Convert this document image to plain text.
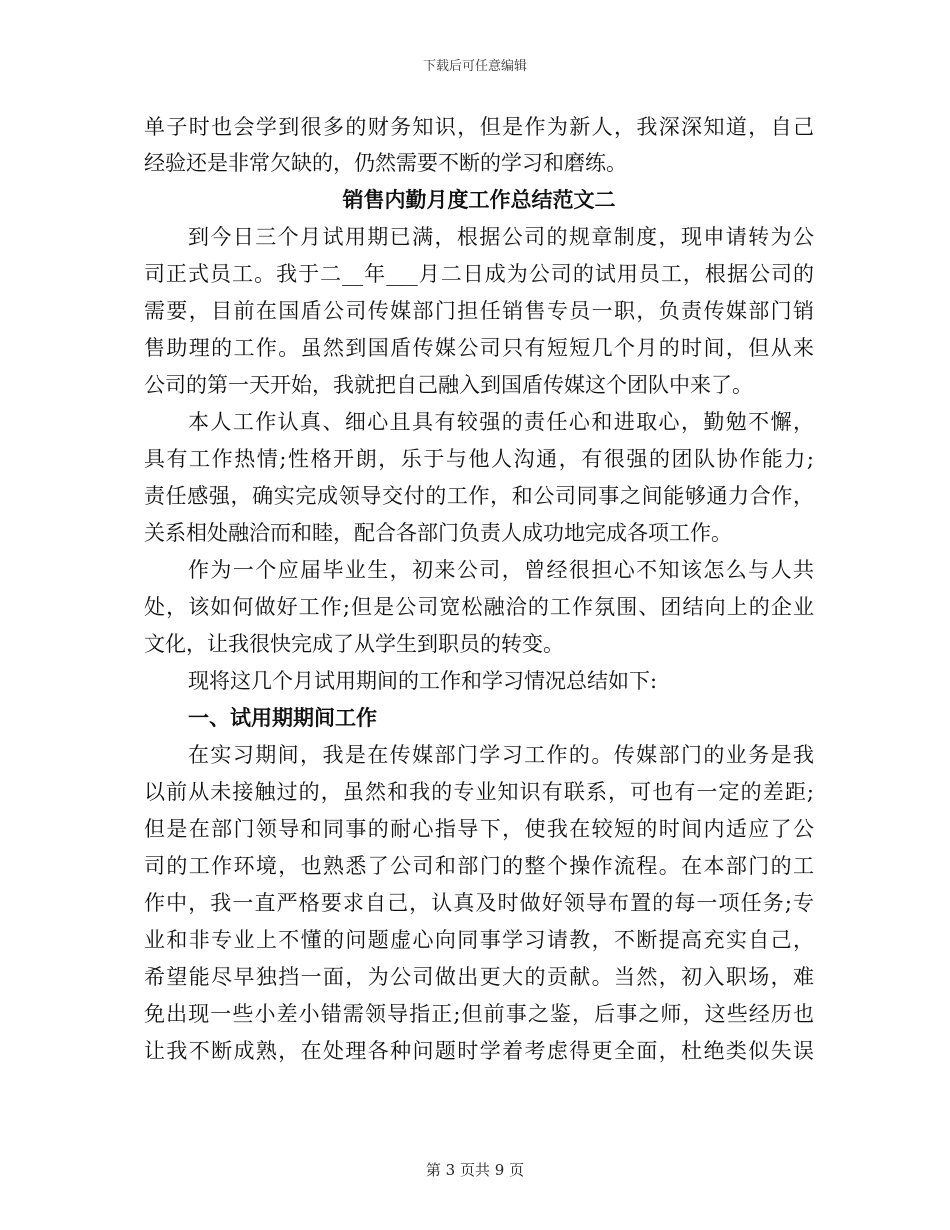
下载后可任意编辑
单子时也会学到很多的财务知识，但是作为新人，我深深知道，自己
经验还是非常欠缺的，仍然需要不断的学习和磨练。
销售内勤月度工作总结范文二
到今日三个月试用期已满，根据公司的规章制度，现申请转为公
司正式员工。我于二__年___月二日成为公司的试用员工，根据公司的
需要，目前在国盾公司传媒部门担任销售专员一职，负责传媒部门销
售助理的工作。虽然到国盾传媒公司只有短短几个月的时间，但从来
公司的第一天开始，我就把自己融入到国盾传媒这个团队中来了。
本人工作认真、细心且具有较强的责任心和进取心，勤勉不懈，
具有工作热情;性格开朗，乐于与他人沟通，有很强的团队协作能力;
责任感强，确实完成领导交付的工作，和公司同事之间能够通力合作，
关系相处融洽而和睦，配合各部门负责人成功地完成各项工作。
作为一个应届毕业生，初来公司，曾经很担心不知该怎么与人共
处，该如何做好工作;但是公司宽松融洽的工作氛围、团结向上的企业
文化，让我很快完成了从学生到职员的转变。
现将这几个月试用期间的工作和学习情况总结如下:
一、试用期期间工作
在实习期间，我是在传媒部门学习工作的。传媒部门的业务是我
以前从未接触过的，虽然和我的专业知识有联系，可也有一定的差距;
但是在部门领导和同事的耐心指导下，使我在较短的时间内适应了公
司的工作环境，也熟悉了公司和部门的整个操作流程。在本部门的工
作中，我一直严格要求自己，认真及时做好领导布置的每一项任务;专
业和非专业上不懂的问题虚心向同事学习请教，不断提高充实自己，
希望能尽早独挡一面，为公司做出更大的贡献。当然，初入职场，难
免出现一些小差小错需领导指正;但前事之鉴，后事之师，这些经历也
让我不断成熟，在处理各种问题时学着考虑得更全面，杜绝类似失误
第 3 页共 9 页
